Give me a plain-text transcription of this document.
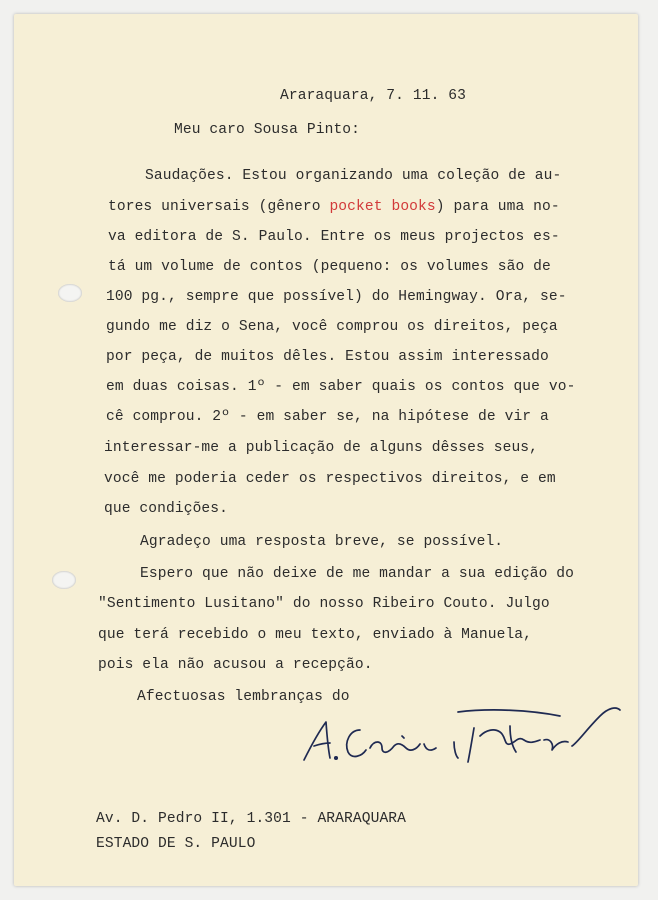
Araraquara, 7. 11. 63
Meu caro Sousa Pinto:
Saudações. Estou organizando uma coleção de au-
tores universais (gênero pocket books) para uma no-
va editora de S. Paulo. Entre os meus projectos es-
tá um volume de contos (pequeno: os volumes são de
100 pg., sempre que possível) do Hemingway. Ora, se-
gundo me diz o Sena, você comprou os direitos, peça
por peça, de muitos dêles. Estou assim interessado
em duas coisas. 1º - em saber quais os contos que vo-
cê comprou. 2º - em saber se, na hipótese de vir a
interessar-me a publicação de alguns dêsses seus,
você me poderia ceder os respectivos direitos, e em
que condições.
Agradeço uma resposta breve, se possível.
Espero que não deixe de me mandar a sua edição do
"Sentimento Lusitano" do nosso Ribeiro Couto. Julgo
que terá recebido o meu texto, enviado à Manuela,
pois ela não acusou a recepção.
Afectuosas lembranças do
Av. D. Pedro II, 1.301 - ARARAQUARA
ESTADO DE S. PAULO
